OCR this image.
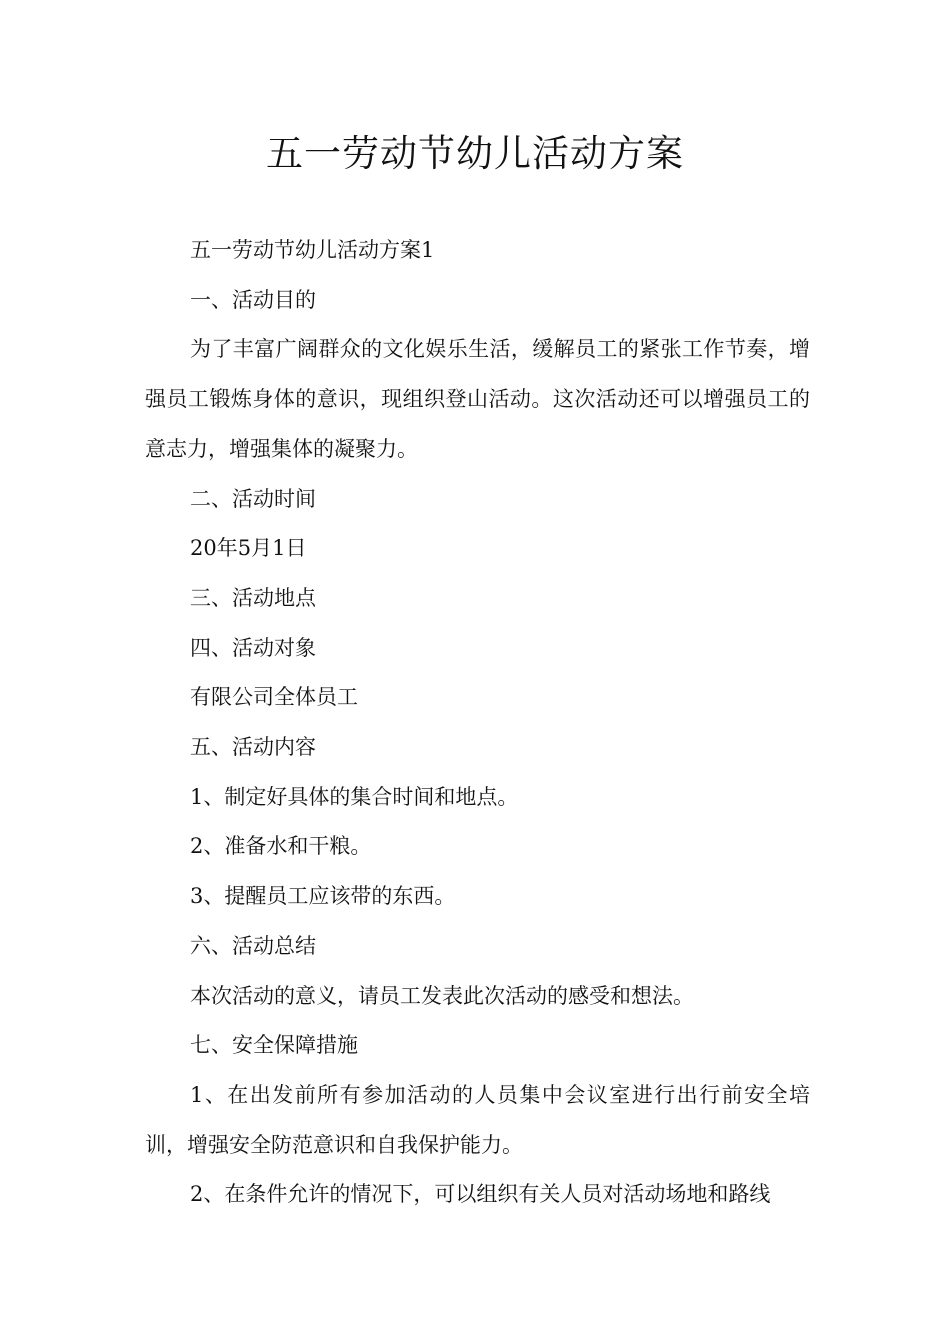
五一劳动节幼儿活动方案

五一劳动节幼儿活动方案1

一、活动目的

为了丰富广阔群众的文化娱乐生活，缓解员工的紧张工作节奏，增强员工锻炼身体的意识，现组织登山活动。这次活动还可以增强员工的意志力，增强集体的凝聚力。

二、活动时间

20年5月1日

三、活动地点

四、活动对象

有限公司全体员工

五、活动内容

1、制定好具体的集合时间和地点。

2、准备水和干粮。

3、提醒员工应该带的东西。

六、活动总结

本次活动的意义，请员工发表此次活动的感受和想法。

七、安全保障措施

1、在出发前所有参加活动的人员集中会议室进行出行前安全培训，增强安全防范意识和自我保护能力。

2、在条件允许的情况下，可以组织有关人员对活动场地和路线
